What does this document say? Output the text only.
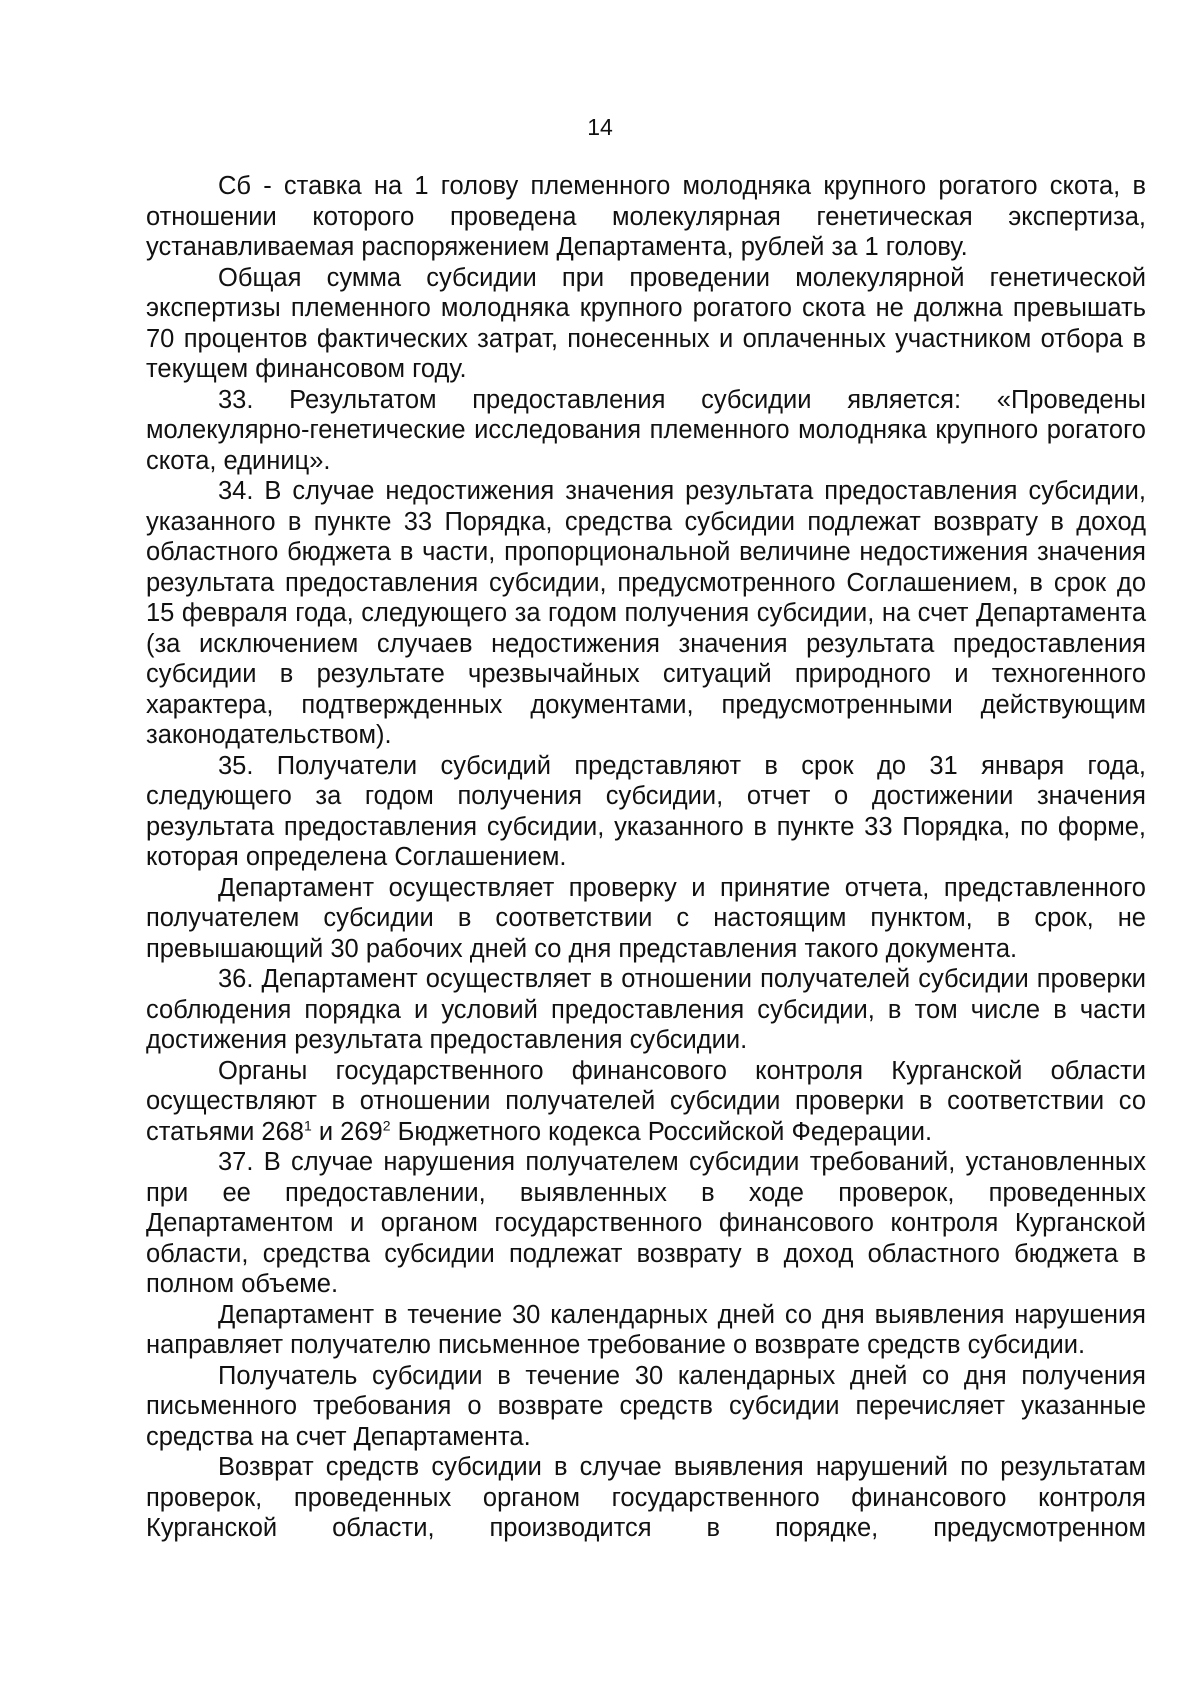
14

Сб - ставка на 1 голову племенного молодняка крупного рогатого скота, в отношении которого проведена молекулярная генетическая экспертиза, устанавливаемая распоряжением Департамента, рублей за 1 голову.

Общая сумма субсидии при проведении молекулярной генетической экспертизы племенного молодняка крупного рогатого скота не должна превышать 70 процентов фактических затрат, понесенных и оплаченных участником отбора в текущем финансовом году.

33. Результатом предоставления субсидии является: «Проведены молекулярно-генетические исследования племенного молодняка крупного рогатого скота, единиц».

34. В случае недостижения значения результата предоставления субсидии, указанного в пункте 33 Порядка, средства субсидии подлежат возврату в доход областного бюджета в части, пропорциональной величине недостижения значения результата предоставления субсидии, предусмотренного Соглашением, в срок до 15 февраля года, следующего за годом получения субсидии, на счет Департамента (за исключением случаев недостижения значения результата предоставления субсидии в результате чрезвычайных ситуаций природного и техногенного характера, подтвержденных документами, предусмотренными действующим законодательством).

35. Получатели субсидий представляют в срок до 31 января года, следующего за годом получения субсидии, отчет о достижении значения результата предоставления субсидии, указанного в пункте 33 Порядка, по форме, которая определена Соглашением.

Департамент осуществляет проверку и принятие отчета, представленного получателем субсидии в соответствии с настоящим пунктом, в срок, не превышающий 30 рабочих дней со дня представления такого документа.

36. Департамент осуществляет в отношении получателей субсидии проверки соблюдения порядка и условий предоставления субсидии, в том числе в части достижения результата предоставления субсидии.

Органы государственного финансового контроля Курганской области осуществляют в отношении получателей субсидии проверки в соответствии со статьями $268^1$ и $269^2$ Бюджетного кодекса Российской Федерации.

37. В случае нарушения получателем субсидии требований, установленных при ее предоставлении, выявленных в ходе проверок, проведенных Департаментом и органом государственного финансового контроля Курганской области, средства субсидии подлежат возврату в доход областного бюджета в полном объеме.

Департамент в течение 30 календарных дней со дня выявления нарушения направляет получателю письменное требование о возврате средств субсидии.

Получатель субсидии в течение 30 календарных дней со дня получения письменного требования о возврате средств субсидии перечисляет указанные средства на счет Департамента.

Возврат средств субсидии в случае выявления нарушений по результатам проверок, проведенных органом государственного финансового контроля Курганской области, производится в порядке, предусмотренном
